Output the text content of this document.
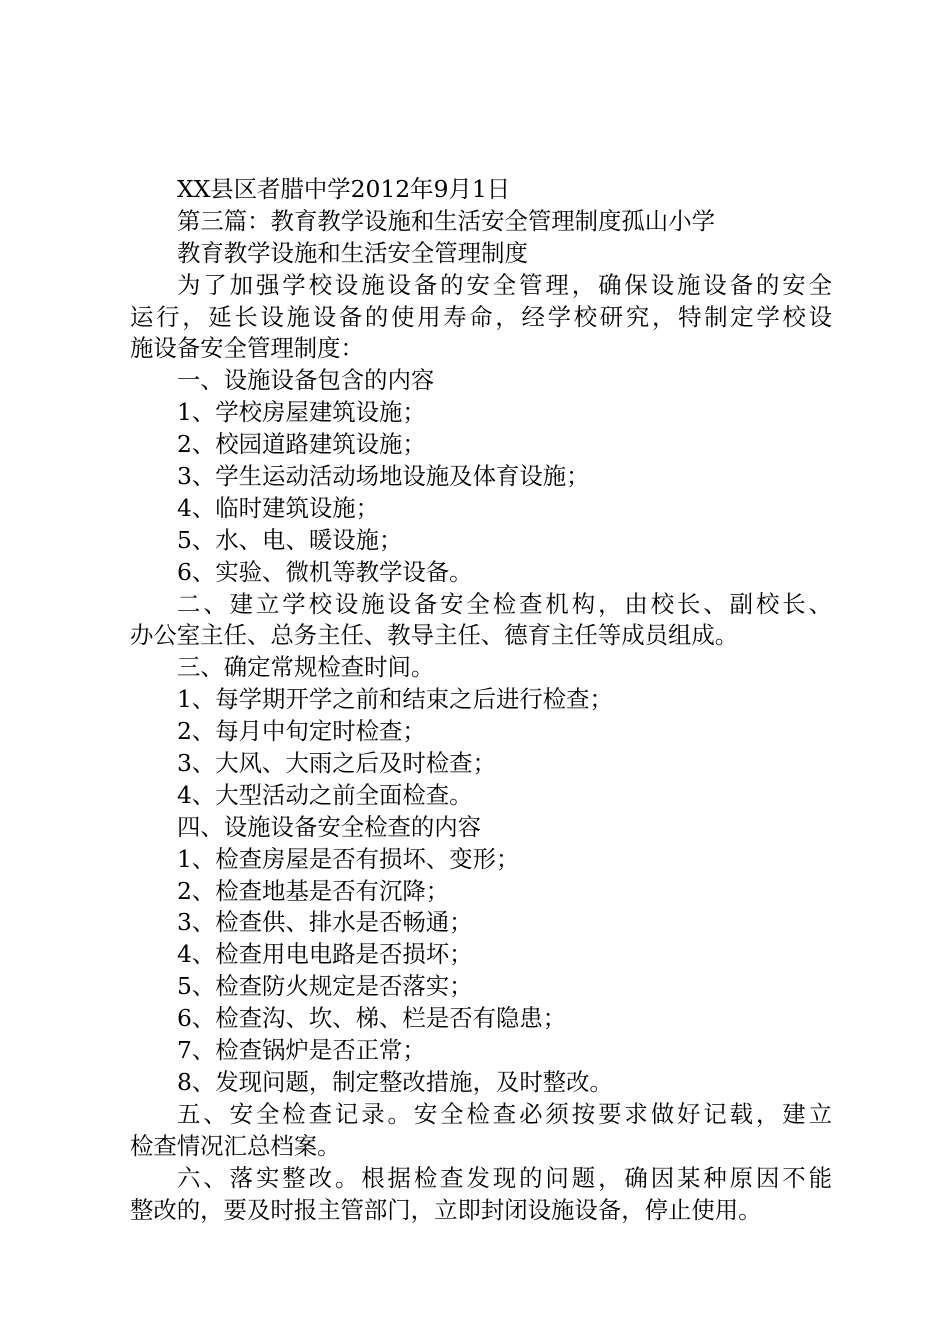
XX县区者腊中学2012年9月1日
第三篇：教育教学设施和生活安全管理制度孤山小学
教育教学设施和生活安全管理制度
为了加强学校设施设备的安全管理，确保设施设备的安全
运行，延长设施设备的使用寿命，经学校研究，特制定学校设
施设备安全管理制度：
一、设施设备包含的内容
1、学校房屋建筑设施；
2、校园道路建筑设施；
3、学生运动活动场地设施及体育设施；
4、临时建筑设施；
5、水、电、暖设施；
6、实验、微机等教学设备。
二、建立学校设施设备安全检查机构，由校长、副校长、
办公室主任、总务主任、教导主任、德育主任等成员组成。
三、确定常规检查时间。
1、每学期开学之前和结束之后进行检查；
2、每月中旬定时检查；
3、大风、大雨之后及时检查；
4、大型活动之前全面检查。
四、设施设备安全检查的内容
1、检查房屋是否有损坏、变形；
2、检查地基是否有沉降；
3、检查供、排水是否畅通；
4、检查用电电路是否损坏；
5、检查防火规定是否落实；
6、检查沟、坎、梯、栏是否有隐患；
7、检查锅炉是否正常；
8、发现问题，制定整改措施，及时整改。
五、安全检查记录。安全检查必须按要求做好记载，建立
检查情况汇总档案。
六、落实整改。根据检查发现的问题，确因某种原因不能
整改的，要及时报主管部门，立即封闭设施设备，停止使用。
